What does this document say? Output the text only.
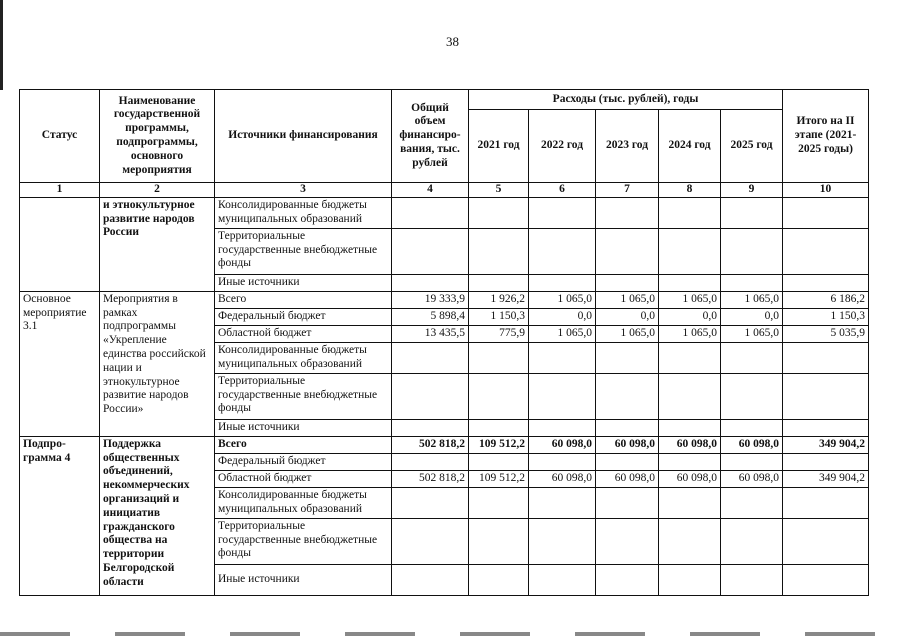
38
Статус	Наименование государственной программы, подпрограммы, основного мероприятия	Источники финансирования	Общий объем финансиро-вания, тыс. рублей	Расходы (тыс. рублей), годы					Итого на II этапе (2021-2025 годы)
				2021 год	2022 год	2023 год	2024 год	2025 год	
1	2	3	4	5	6	7	8	9	10
	и этнокультурное развитие народов России	Консолидированные бюджеты муниципальных образований							
		Территориальные государственные внебюджетные фонды							
		Иные источники							
Основное мероприятие 3.1	Мероприятия в рамках подпрограммы «Укрепление единства российской нации и этнокультурное развитие народов России»	Всего	19 333,9	1 926,2	1 065,0	1 065,0	1 065,0	1 065,0	6 186,2
		Федеральный бюджет	5 898,4	1 150,3	0,0	0,0	0,0	0,0	1 150,3
		Областной бюджет	13 435,5	775,9	1 065,0	1 065,0	1 065,0	1 065,0	5 035,9
		Консолидированные бюджеты муниципальных образований							
		Территориальные государственные внебюджетные фонды							
		Иные источники							
Подпро-грамма 4	Поддержка общественных объединений, некоммерческих организаций и инициатив гражданского общества на территории Белгородской области	Всего	502 818,2	109 512,2	60 098,0	60 098,0	60 098,0	60 098,0	349 904,2
		Федеральный бюджет							
		Областной бюджет	502 818,2	109 512,2	60 098,0	60 098,0	60 098,0	60 098,0	349 904,2
		Консолидированные бюджеты муниципальных образований							
		Территориальные государственные внебюджетные фонды							
		Иные источники							
